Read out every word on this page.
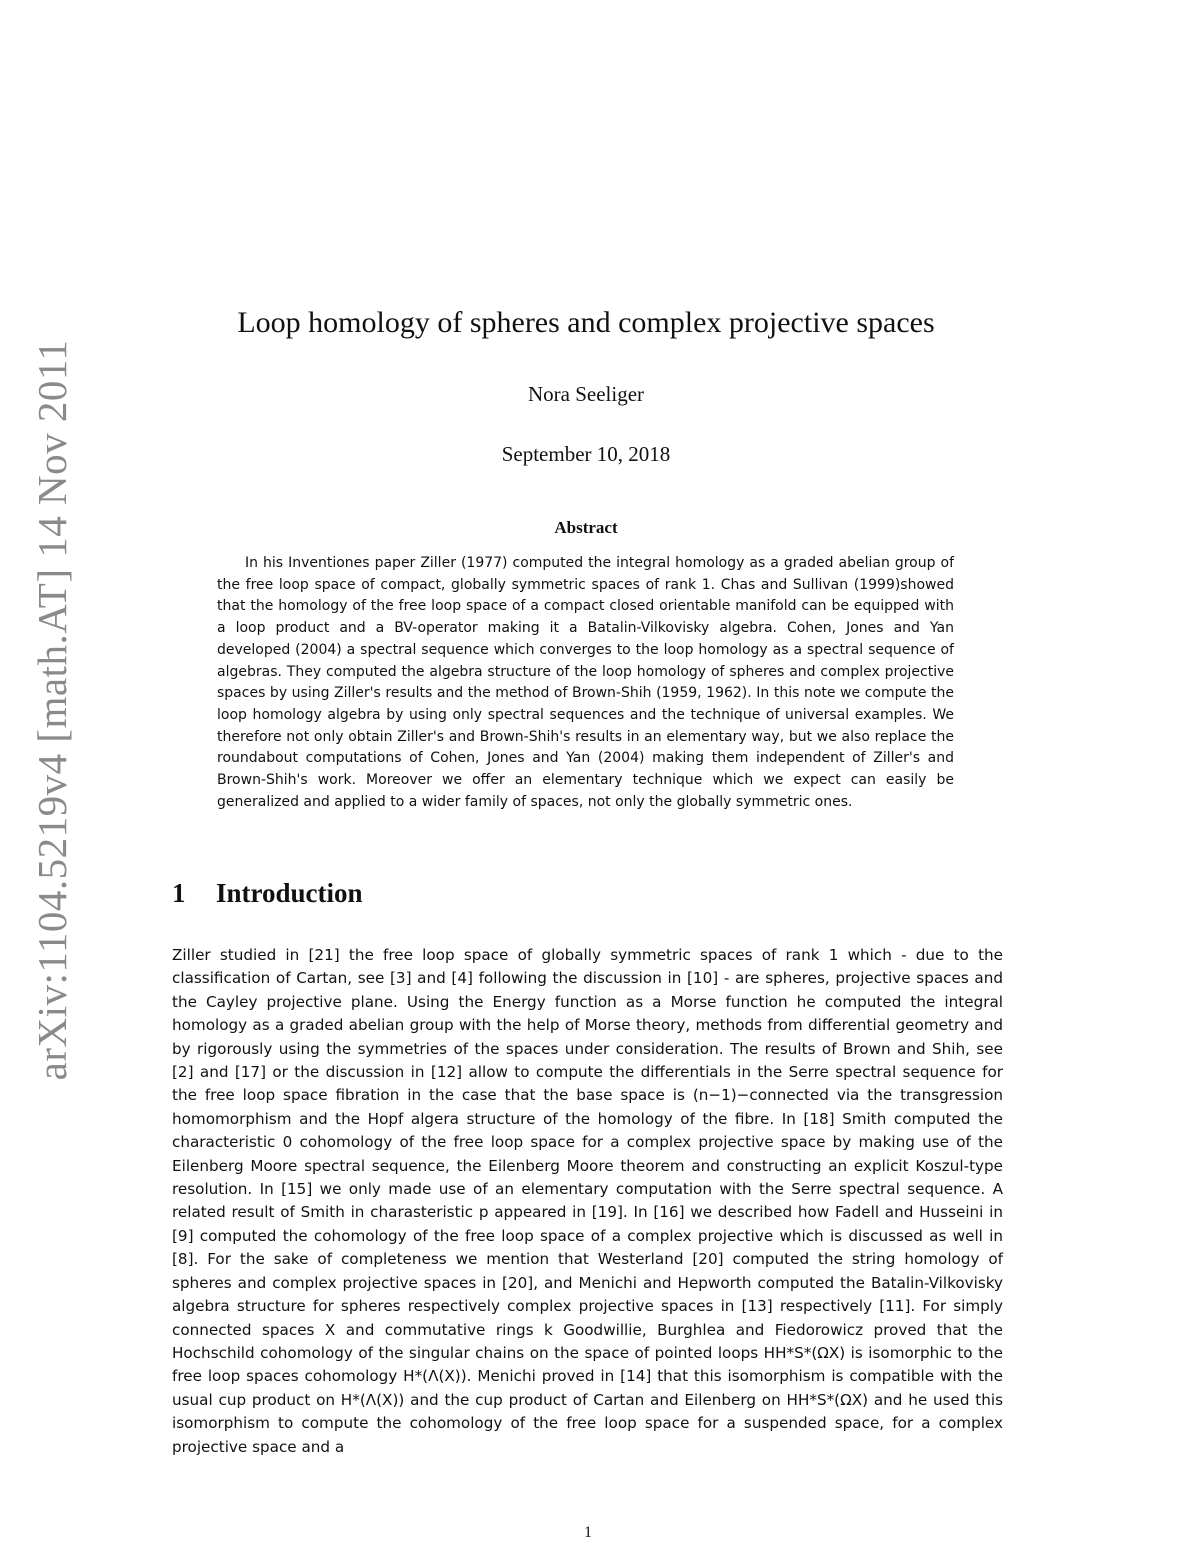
arXiv:1104.5219v4 [math.AT] 14 Nov 2011
Loop homology of spheres and complex projective spaces
Nora Seeliger
September 10, 2018
Abstract

In his Inventiones paper Ziller (1977) computed the integral homology as a graded abelian group of the free loop space of compact, globally symmetric spaces of rank 1. Chas and Sullivan (1999)showed that the homology of the free loop space of a compact closed orientable manifold can be equipped with a loop product and a BV-operator making it a Batalin-Vilkovisky algebra. Cohen, Jones and Yan developed (2004) a spectral sequence which converges to the loop homology as a spectral sequence of algebras. They computed the algebra structure of the loop homology of spheres and complex projective spaces by using Ziller's results and the method of Brown-Shih (1959, 1962). In this note we compute the loop homology algebra by using only spectral sequences and the technique of universal examples. We therefore not only obtain Ziller's and Brown-Shih's results in an elementary way, but we also replace the roundabout computations of Cohen, Jones and Yan (2004) making them independent of Ziller's and Brown-Shih's work. Moreover we offer an elementary technique which we expect can easily be generalized and applied to a wider family of spaces, not only the globally symmetric ones.

1 Introduction

Ziller studied in [21] the free loop space of globally symmetric spaces of rank 1 which - due to the classification of Cartan, see [3] and [4] following the discussion in [10] - are spheres, projective spaces and the Cayley projective plane. Using the Energy function as a Morse function he computed the integral homology as a graded abelian group with the help of Morse theory, methods from differential geometry and by rigorously using the symmetries of the spaces under consideration. The results of Brown and Shih, see [2] and [17] or the discussion in [12] allow to compute the differentials in the Serre spectral sequence for the free loop space fibration in the case that the base space is (n−1)−connected via the transgression homomorphism and the Hopf algera structure of the homology of the fibre. In [18] Smith computed the characteristic 0 cohomology of the free loop space for a complex projective space by making use of the Eilenberg Moore spectral sequence, the Eilenberg Moore theorem and constructing an explicit Koszul-type resolution. In [15] we only made use of an elementary computation with the Serre spectral sequence. A related result of Smith in charasteristic p appeared in [19]. In [16] we described how Fadell and Husseini in [9] computed the cohomology of the free loop space of a complex projective which is discussed as well in [8]. For the sake of completeness we mention that Westerland [20] computed the string homology of spheres and complex projective spaces in [20], and Menichi and Hepworth computed the Batalin-Vilkovisky algebra structure for spheres respectively complex projective spaces in [13] respectively [11]. For simply connected spaces X and commutative rings k Goodwillie, Burghlea and Fiedorowicz proved that the Hochschild cohomology of the singular chains on the space of pointed loops HH*S*(ΩX) is isomorphic to the free loop spaces cohomology H*(Λ(X)). Menichi proved in [14] that this isomorphism is compatible with the usual cup product on H*(Λ(X)) and the cup product of Cartan and Eilenberg on HH*S*(ΩX) and he used this isomorphism to compute the cohomology of the free loop space for a suspended space, for a complex projective space and a

1
